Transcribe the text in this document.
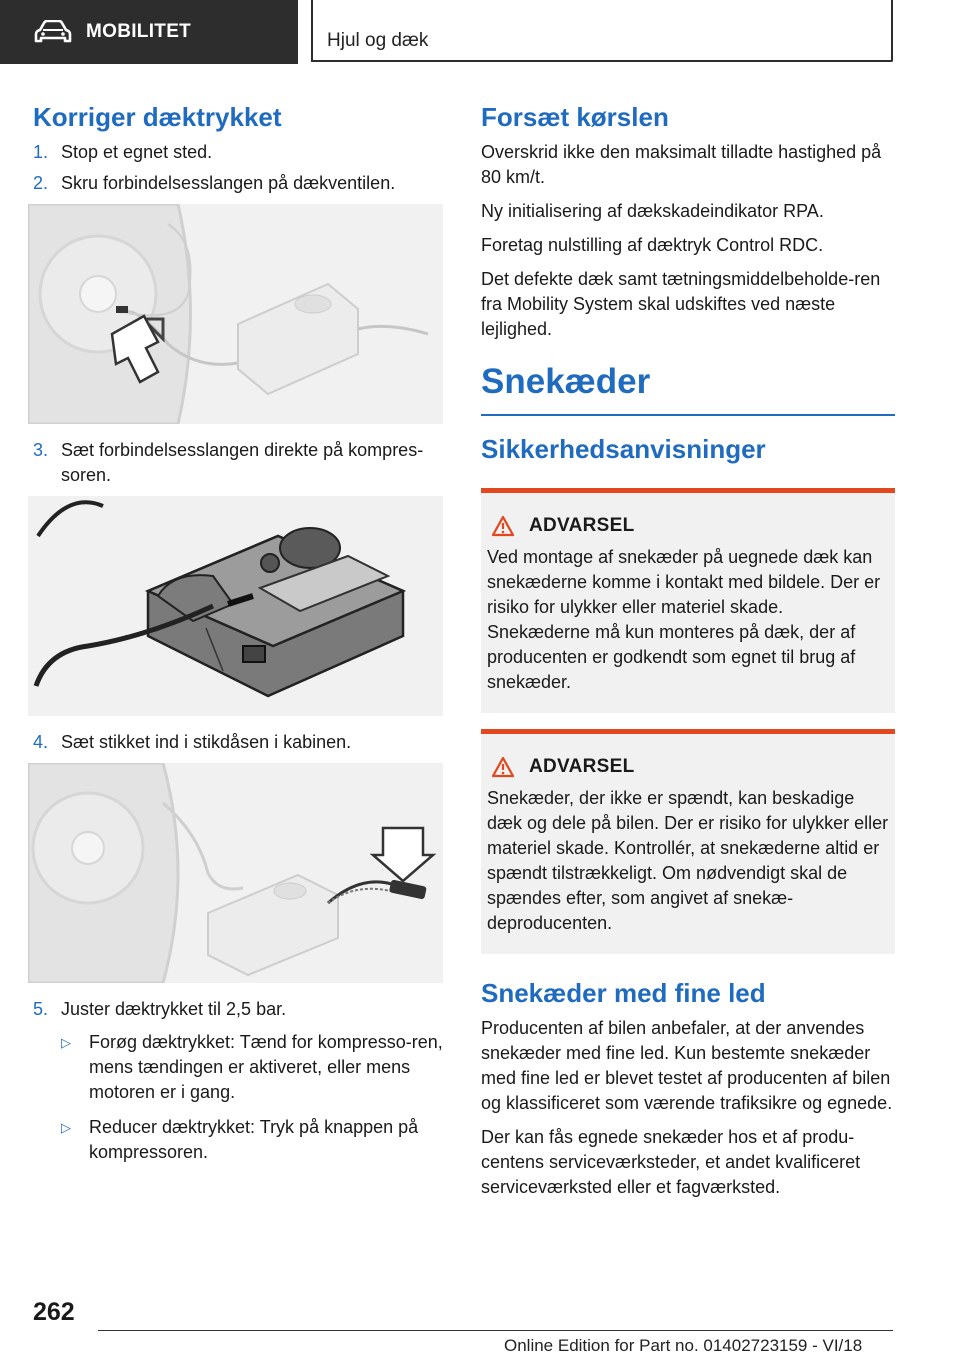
MOBILITET	Hjul og dæk
Korriger dæktrykket
1. Stop et egnet sted.
2. Skru forbindelsesslangen på dækventilen.
3. Sæt forbindelsesslangen direkte på kompres-soren.
4. Sæt stikket ind i stikdåsen i kabinen.
5. Juster dæktrykket til 2,5 bar.
▷ Forøg dæktrykket: Tænd for kompresso-ren, mens tændingen er aktiveret, eller mens motoren er i gang.
▷ Reducer dæktrykket: Tryk på knappen på kompressoren.
Forsæt kørslen

Overskrid ikke den maksimalt tilladte hastighed på 80 km/t.

Ny initialisering af dækskadeindikator RPA.

Foretag nulstilling af dæktryk Control RDC.

Det defekte dæk samt tætningsmiddelbeholde-ren fra Mobility System skal udskiftes ved næste lejlighed.

Snekæder
Sikkerhedsanvisninger
ADVARSEL

Ved montage af snekæder på uegnede dæk kan snekæderne komme i kontakt med bildele. Der er risiko for ulykker eller materiel skade. Snekæderne må kun monteres på dæk, der af producenten er godkendt som egnet til brug af snekæder.

ADVARSEL

Snekæder, der ikke er spændt, kan beskadige dæk og dele på bilen. Der er risiko for ulykker eller materiel skade. Kontrollér, at snekæderne altid er spændt tilstrækkeligt. Om nødvendigt skal de spændes efter, som angivet af snekæ-deproducenten.

Snekæder med fine led

Producenten af bilen anbefaler, at der anvendes snekæder med fine led. Kun bestemte snekæder med fine led er blevet testet af producenten af bilen og klassificeret som værende trafiksikre og egnede.

Der kan fås egnede snekæder hos et af produ-centens serviceværksteder, et andet kvalificeret serviceværksted eller et fagværksted.

262
Online Edition for Part no. 01402723159 - VI/18
